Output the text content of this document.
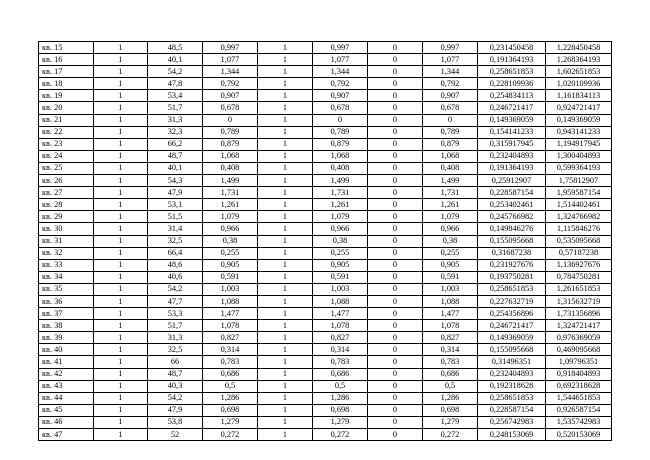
кв. 15	1	48,5	0,997	1	0,997	0	0,997	0,231450458	1,228450458
кв. 16	1	40,1	1,077	1	1,077	0	1,077	0,191364193	1,268364193
кв. 17	1	54,2	1,344	1	1,344	0	1,344	0,258651853	1,602651853
кв. 18	1	47,8	0,792	1	0,792	0	0,792	0,228109936	1,020109936
кв. 19	1	53,4	0,907	1	0,907	0	0,907	0,254834113	1,161834113
кв. 20	1	51,7	0,678	1	0,678	0	0,678	0,246721417	0,924721417
кв. 21	1	31,3	0	1	0	0	0	0,149369059	0,149369059
кв. 22	1	32,3	0,789	1	0,789	0	0,789	0,154141233	0,943141233
кв. 23	1	66,2	0,879	1	0,879	0	0,879	0,315917945	1,194917945
кв. 24	1	48,7	1,068	1	1,068	0	1,068	0,232404893	1,300404893
кв. 25	1	40,1	0,408	1	0,408	0	0,408	0,191364193	0,599364193
кв. 26	1	54,3	1,499	1	1,499	0	1,499	0,25912907	1,75812907
кв. 27	1	47,9	1,731	1	1,731	0	1,731	0,228587154	1,959587154
кв. 28	1	53,1	1,261	1	1,261	0	1,261	0,253402461	1,514402461
кв. 29	1	51,5	1,079	1	1,079	0	1,079	0,245766982	1,324766982
кв. 30	1	31,4	0,966	1	0,966	0	0,966	0,149846276	1,115846276
кв. 31	1	32,5	0,38	1	0,38	0	0,38	0,155095668	0,535095668
кв. 32	1	66,4	0,255	1	0,255	0	0,255	0,31687238	0,57187238
кв. 33	1	48,6	0,905	1	0,905	0	0,905	0,231927676	1,136927676
кв. 34	1	40,6	0,591	1	0,591	0	0,591	0,193750281	0,784750281
кв. 35	1	54,2	1,003	1	1,003	0	1,003	0,258651853	1,261651853
кв. 36	1	47,7	1,088	1	1,088	0	1,088	0,227632719	1,315632719
кв. 37	1	53,3	1,477	1	1,477	0	1,477	0,254356896	1,731356896
кв. 38	1	51,7	1,078	1	1,078	0	1,078	0,246721417	1,324721417
кв. 39	1	31,3	0,827	1	0,827	0	0,827	0,149369059	0,976369059
кв. 40	1	32,5	0,314	1	0,314	0	0,314	0,155095668	0,469095668
кв. 41	1	66	0,783	1	0,783	0	0,783	0,31496351	1,09796351
кв. 42	1	48,7	0,686	1	0,686	0	0,686	0,232404893	0,918404893
кв. 43	1	40,3	0,5	1	0,5	0	0,5	0,192318628	0,692318628
кв. 44	1	54,2	1,286	1	1,286	0	1,286	0,258651853	1,544651853
кв. 45	1	47,9	0,698	1	0,698	0	0,698	0,228587154	0,926587154
кв. 46	1	53,8	1,279	1	1,279	0	1,279	0,256742983	1,535742983
кв. 47	1	52	0,272	1	0,272	0	0,272	0,248153069	0,520153069
